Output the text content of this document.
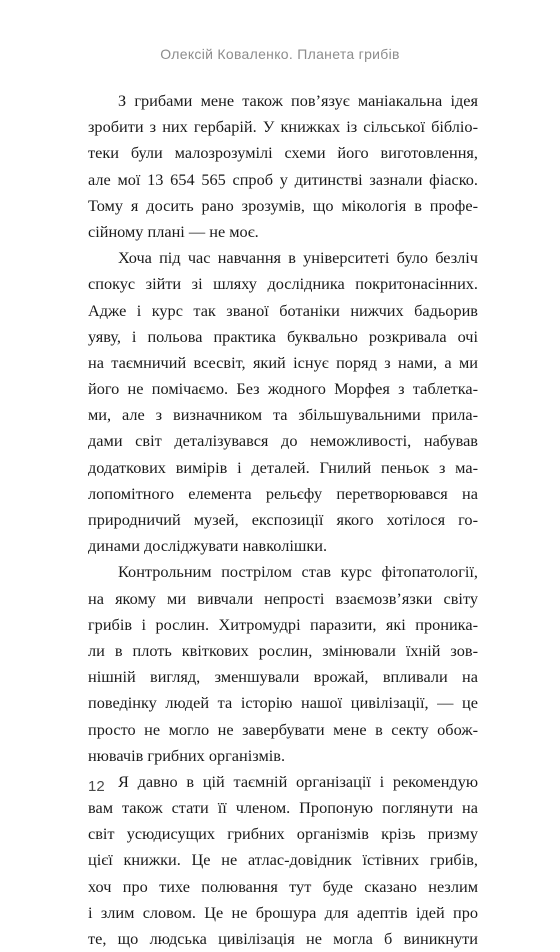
Олексій Коваленко. Планета грибів
З грибами мене також пов’язує маніакальна ідея
зробити з них гербарій. У книжках із сільської бібліо-
теки були малозрозумілі схеми його виготовлення,
але мої 13 654 565 спроб у дитинстві зазнали фіаско.
Тому я досить рано зрозумів, що мікологія в профе-
сійному плані — не моє.
Хоча під час навчання в університеті було безліч
спокус зійти зі шляху дослідника покритонасінних.
Адже і курс так званої ботаніки нижчих бадьорив
уяву, і польова практика буквально розкривала очі
на таємничий всесвіт, який існує поряд з нами, а ми
його не помічаємо. Без жодного Морфея з таблетка-
ми, але з визначником та збільшувальними прила-
дами світ деталізувався до неможливості, набував
додаткових вимірів і деталей. Гнилий пеньок з ма-
лопомітного елемента рельєфу перетворювався на
природничий музей, експозиції якого хотілося го-
динами досліджувати навколішки.
Контрольним пострілом став курс фітопатології,
на якому ми вивчали непрості взаємозв’язки світу
грибів і рослин. Хитромудрі паразити, які проника-
ли в плоть квіткових рослин, змінювали їхній зов-
нішній вигляд, зменшували врожай, впливали на
поведінку людей та історію нашої цивілізації, — це
просто не могло не завербувати мене в секту обож-
нювачів грибних організмів.
Я давно в цій таємній організації і рекомендую
вам також стати її членом. Пропоную поглянути на
світ усюдисущих грибних організмів крізь призму
цієї книжки. Це не атлас-довідник їстівних грибів,
хоч про тихе полювання тут буде сказано незлим
і злим словом. Це не брошура для адептів ідей про
те, що людська цивілізація не могла б виникнути
12
